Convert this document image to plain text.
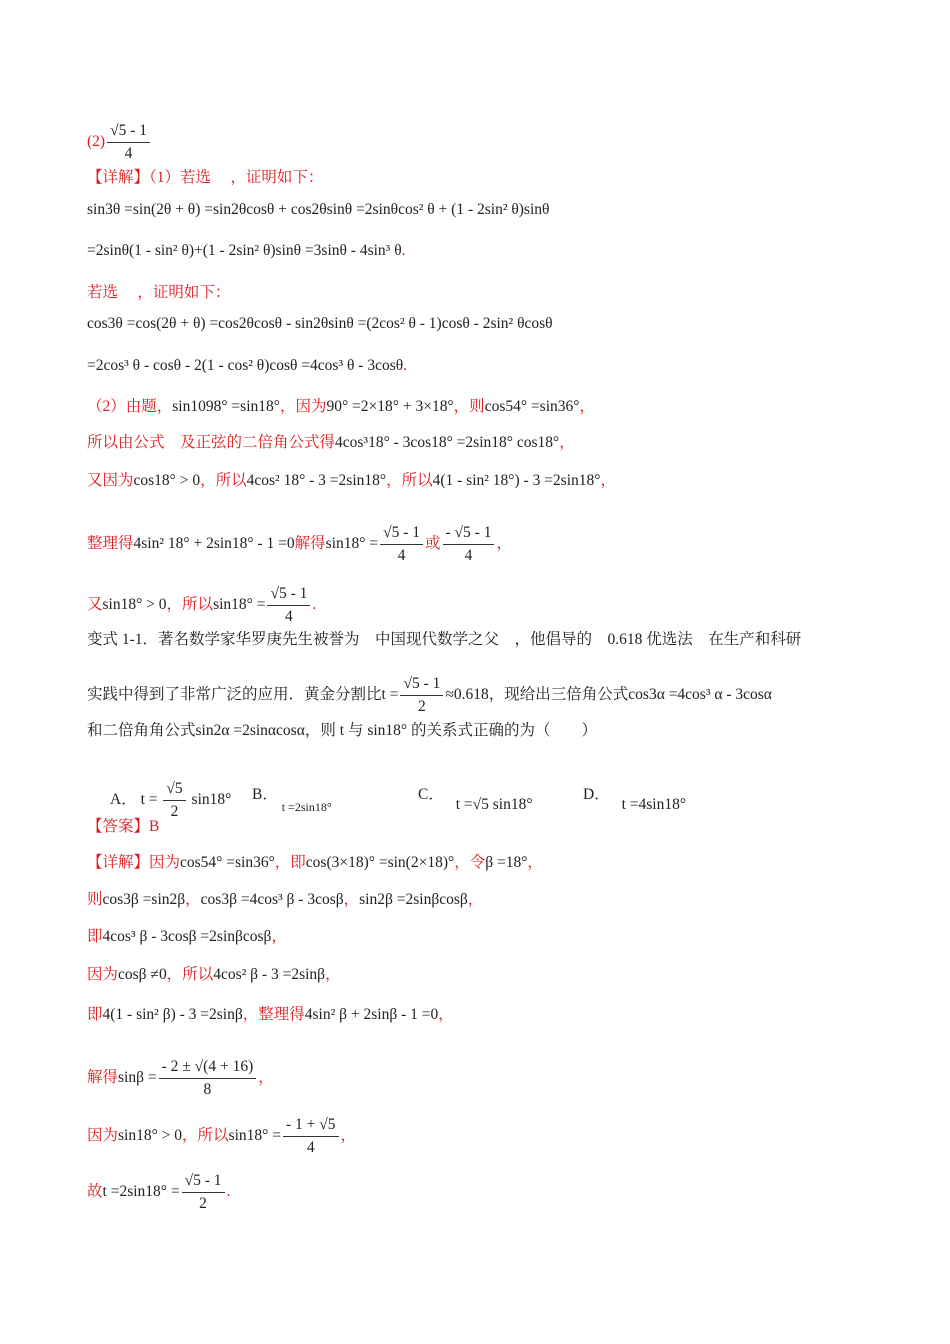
$(2) \frac{√5 - 1}{4}$
【详解】（1）若选　 ，证明如下：
sin3θ =sin(2θ + θ) =sin2θcosθ + cos2θsinθ =2sinθcos² θ + (1 - 2sin² θ)sinθ
=2sinθ(1 - sin² θ)+(1 - 2sin² θ)sinθ =3sinθ - 4sin³ θ.
若选　 ，证明如下：
cos3θ =cos(2θ + θ) =cos2θcosθ - sin2θsinθ =(2cos² θ - 1)cosθ - 2sin² θcosθ
=2cos³ θ - cosθ - 2(1 - cos² θ)cosθ =4cos³ θ - 3cosθ.
（2）由题，sin1098° =sin18°，因为90° =2×18° + 3×18°，则cos54° =sin36°，
所以由公式　及正弦的二倍角公式得4cos³18° - 3cos18° =2sin18° cos18°，
又因为cos18° > 0，所以4cos² 18° - 3 =2sin18°，所以4(1 - sin² 18°) - 3 =2sin18°，
整理得4sin² 18° + 2sin18° - 1 =0解得$\sin 18^\circ = \frac{√5 - 1}{4}$ 或 $\frac{- √5 - 1}{4}$ ，
又sin18° > 0，所以$\sin 18^\circ = \frac{√5 - 1}{4}$ .
变式 1-1．著名数学家华罗庚先生被誉为　中国现代数学之父　，他倡导的　0.618 优选法　在生产和科研
实践中得到了非常广泛的应用．黄金分割比$t = \frac{√5 - 1}{2} \approx 0.618$，现给出三倍角公式cos3α =4cos³ α - 3cosα
和二倍角角公式sin2α =2sinαcosα，则 t 与 sin18° 的关系式正确的为（　　）
【答案】B
【详解】因为cos54° =sin36°，即cos(3×18)° =sin(2×18)°，令β =18°，
则cos3β =sin2β，cos3β =4cos³ β - 3cosβ，sin2β =2sinβcosβ，
即4cos³ β - 3cosβ =2sinβcosβ，
因为cosβ ≠0，所以4cos² β - 3 =2sinβ，
即4(1 - sin² β) - 3 =2sinβ，整理得4sin² β + 2sinβ - 1 =0，
解得$\sin\beta = \frac{- 2 \pm √(4 + 16)}{8}$ ，
因为sin18° > 0，所以$\sin 18^\circ = \frac{- 1 + √5}{4}$ ，
故$t =2\sin 18^\circ = \frac{√5 - 1}{2}$ .
A． $t = \frac{√5}{2} \sin 18^\circ$ B． $_{t =2sin18^\circ}$
C． t =√5 sin18°
D． t =4sin18°
